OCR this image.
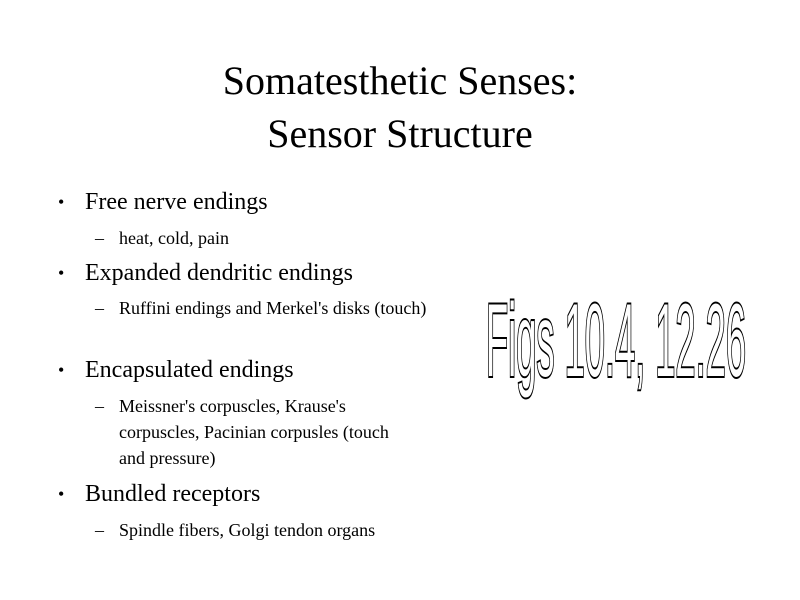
Somatesthetic Senses:
Sensor Structure
• Free nerve endings
– heat, cold, pain
• Expanded dendritic endings
– Ruffini endings and Merkel's disks (touch)
• Encapsulated endings
– Meissner's corpuscles, Krause's corpuscles, Pacinian corpusles (touch and pressure)
• Bundled receptors
– Spindle fibers, Golgi tendon organs
Figs 10.4, 12.26
